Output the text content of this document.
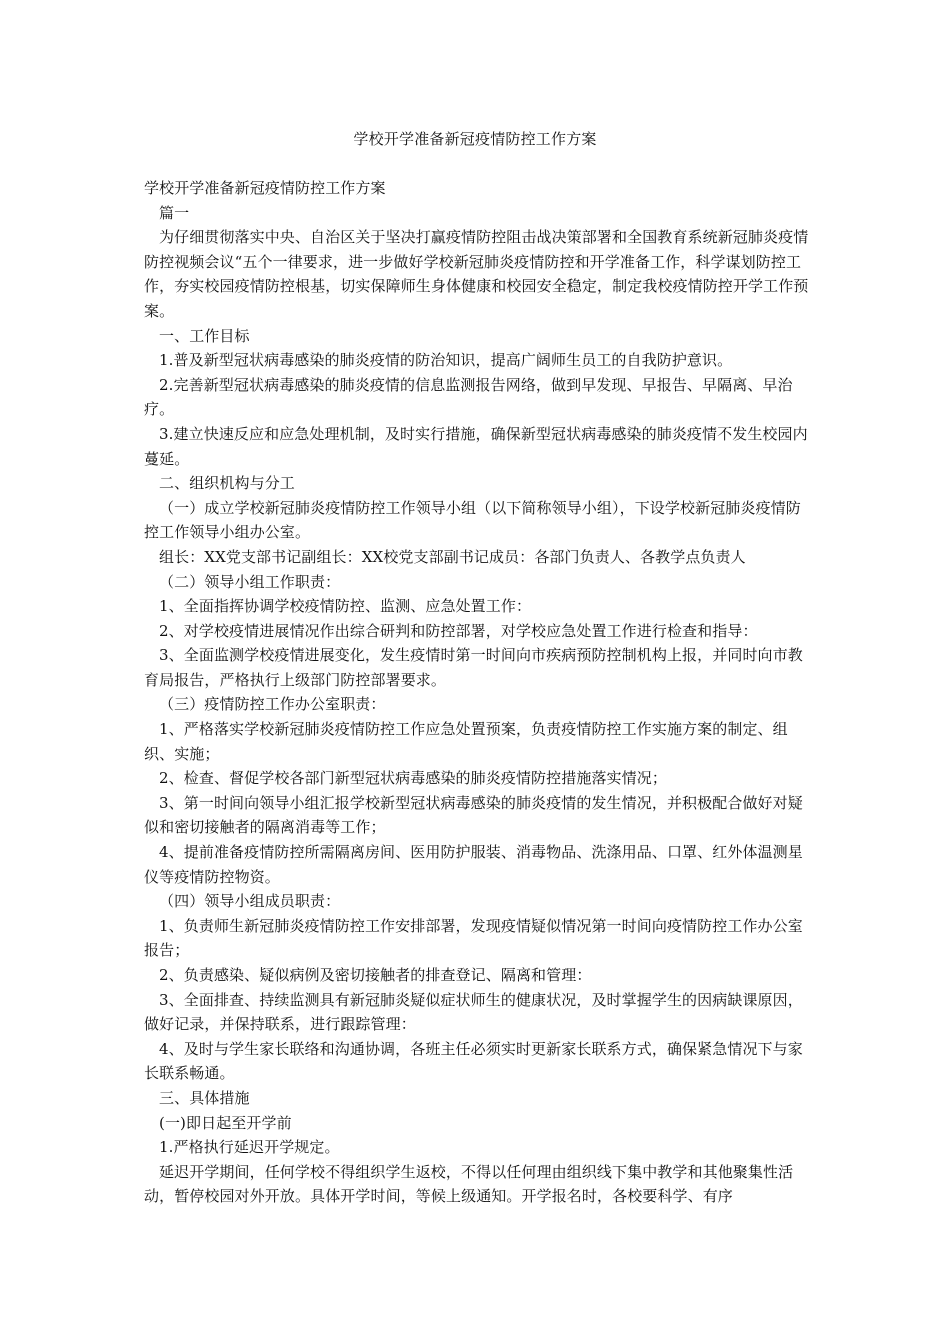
学校开学准备新冠疫情防控工作方案

学校开学准备新冠疫情防控工作方案

篇一

为仔细贯彻落实中央、自治区关于坚决打赢疫情防控阻击战决策部署和全国教育系统新冠肺炎疫情防控视频会议“五个一律要求，进一步做好学校新冠肺炎疫情防控和开学准备工作，科学谋划防控工作，夯实校园疫情防控根基，切实保障师生身体健康和校园安全稳定，制定我校疫情防控开学工作预案。

一、工作目标

1.普及新型冠状病毒感染的肺炎疫情的防治知识，提高广阔师生员工的自我防护意识。

2.完善新型冠状病毒感染的肺炎疫情的信息监测报告网络，做到早发现、早报告、早隔离、早治疗。

3.建立快速反应和应急处理机制，及时实行措施，确保新型冠状病毒感染的肺炎疫情不发生校园内蔓延。

二、组织机构与分工

（一）成立学校新冠肺炎疫情防控工作领导小组（以下简称领导小组），下设学校新冠肺炎疫情防控工作领导小组办公室。

组长：XX党支部书记副组长：XX校党支部副书记成员：各部门负责人、各教学点负责人

（二）领导小组工作职责：

1、全面指挥协调学校疫情防控、监测、应急处置工作：

2、对学校疫情进展情况作出综合研判和防控部署，对学校应急处置工作进行检查和指导：

3、全面监测学校疫情进展变化，发生疫情时第一时间向市疾病预防控制机构上报，并同时向市教育局报告，严格执行上级部门防控部署要求。

（三）疫情防控工作办公室职责：

1、严格落实学校新冠肺炎疫情防控工作应急处置预案，负责疫情防控工作实施方案的制定、组织、实施；

2、检查、督促学校各部门新型冠状病毒感染的肺炎疫情防控措施落实情况；

3、第一时间向领导小组汇报学校新型冠状病毒感染的肺炎疫情的发生情况，并积极配合做好对疑似和密切接触者的隔离消毒等工作；

4、提前准备疫情防控所需隔离房间、医用防护服装、消毒物品、洗涤用品、口罩、红外体温测星仪等疫情防控物资。

（四）领导小组成员职责：

1、负责师生新冠肺炎疫情防控工作安排部署，发现疫情疑似情况第一时间向疫情防控工作办公室报告；

2、负责感染、疑似病例及密切接触者的排查登记、隔离和管理：

3、全面排查、持续监测具有新冠肺炎疑似症状师生的健康状况，及时掌握学生的因病缺课原因，做好记录，并保持联系，进行跟踪管理：

4、及时与学生家长联络和沟通协调，各班主任必须实时更新家长联系方式，确保紧急情况下与家长联系畅通。

三、具体措施

(一)即日起至开学前

1.严格执行延迟开学规定。

延迟开学期间，任何学校不得组织学生返校，不得以任何理由组织线下集中教学和其他聚集性活动，暂停校园对外开放。具体开学时间，等候上级通知。开学报名时，各校要科学、有序
